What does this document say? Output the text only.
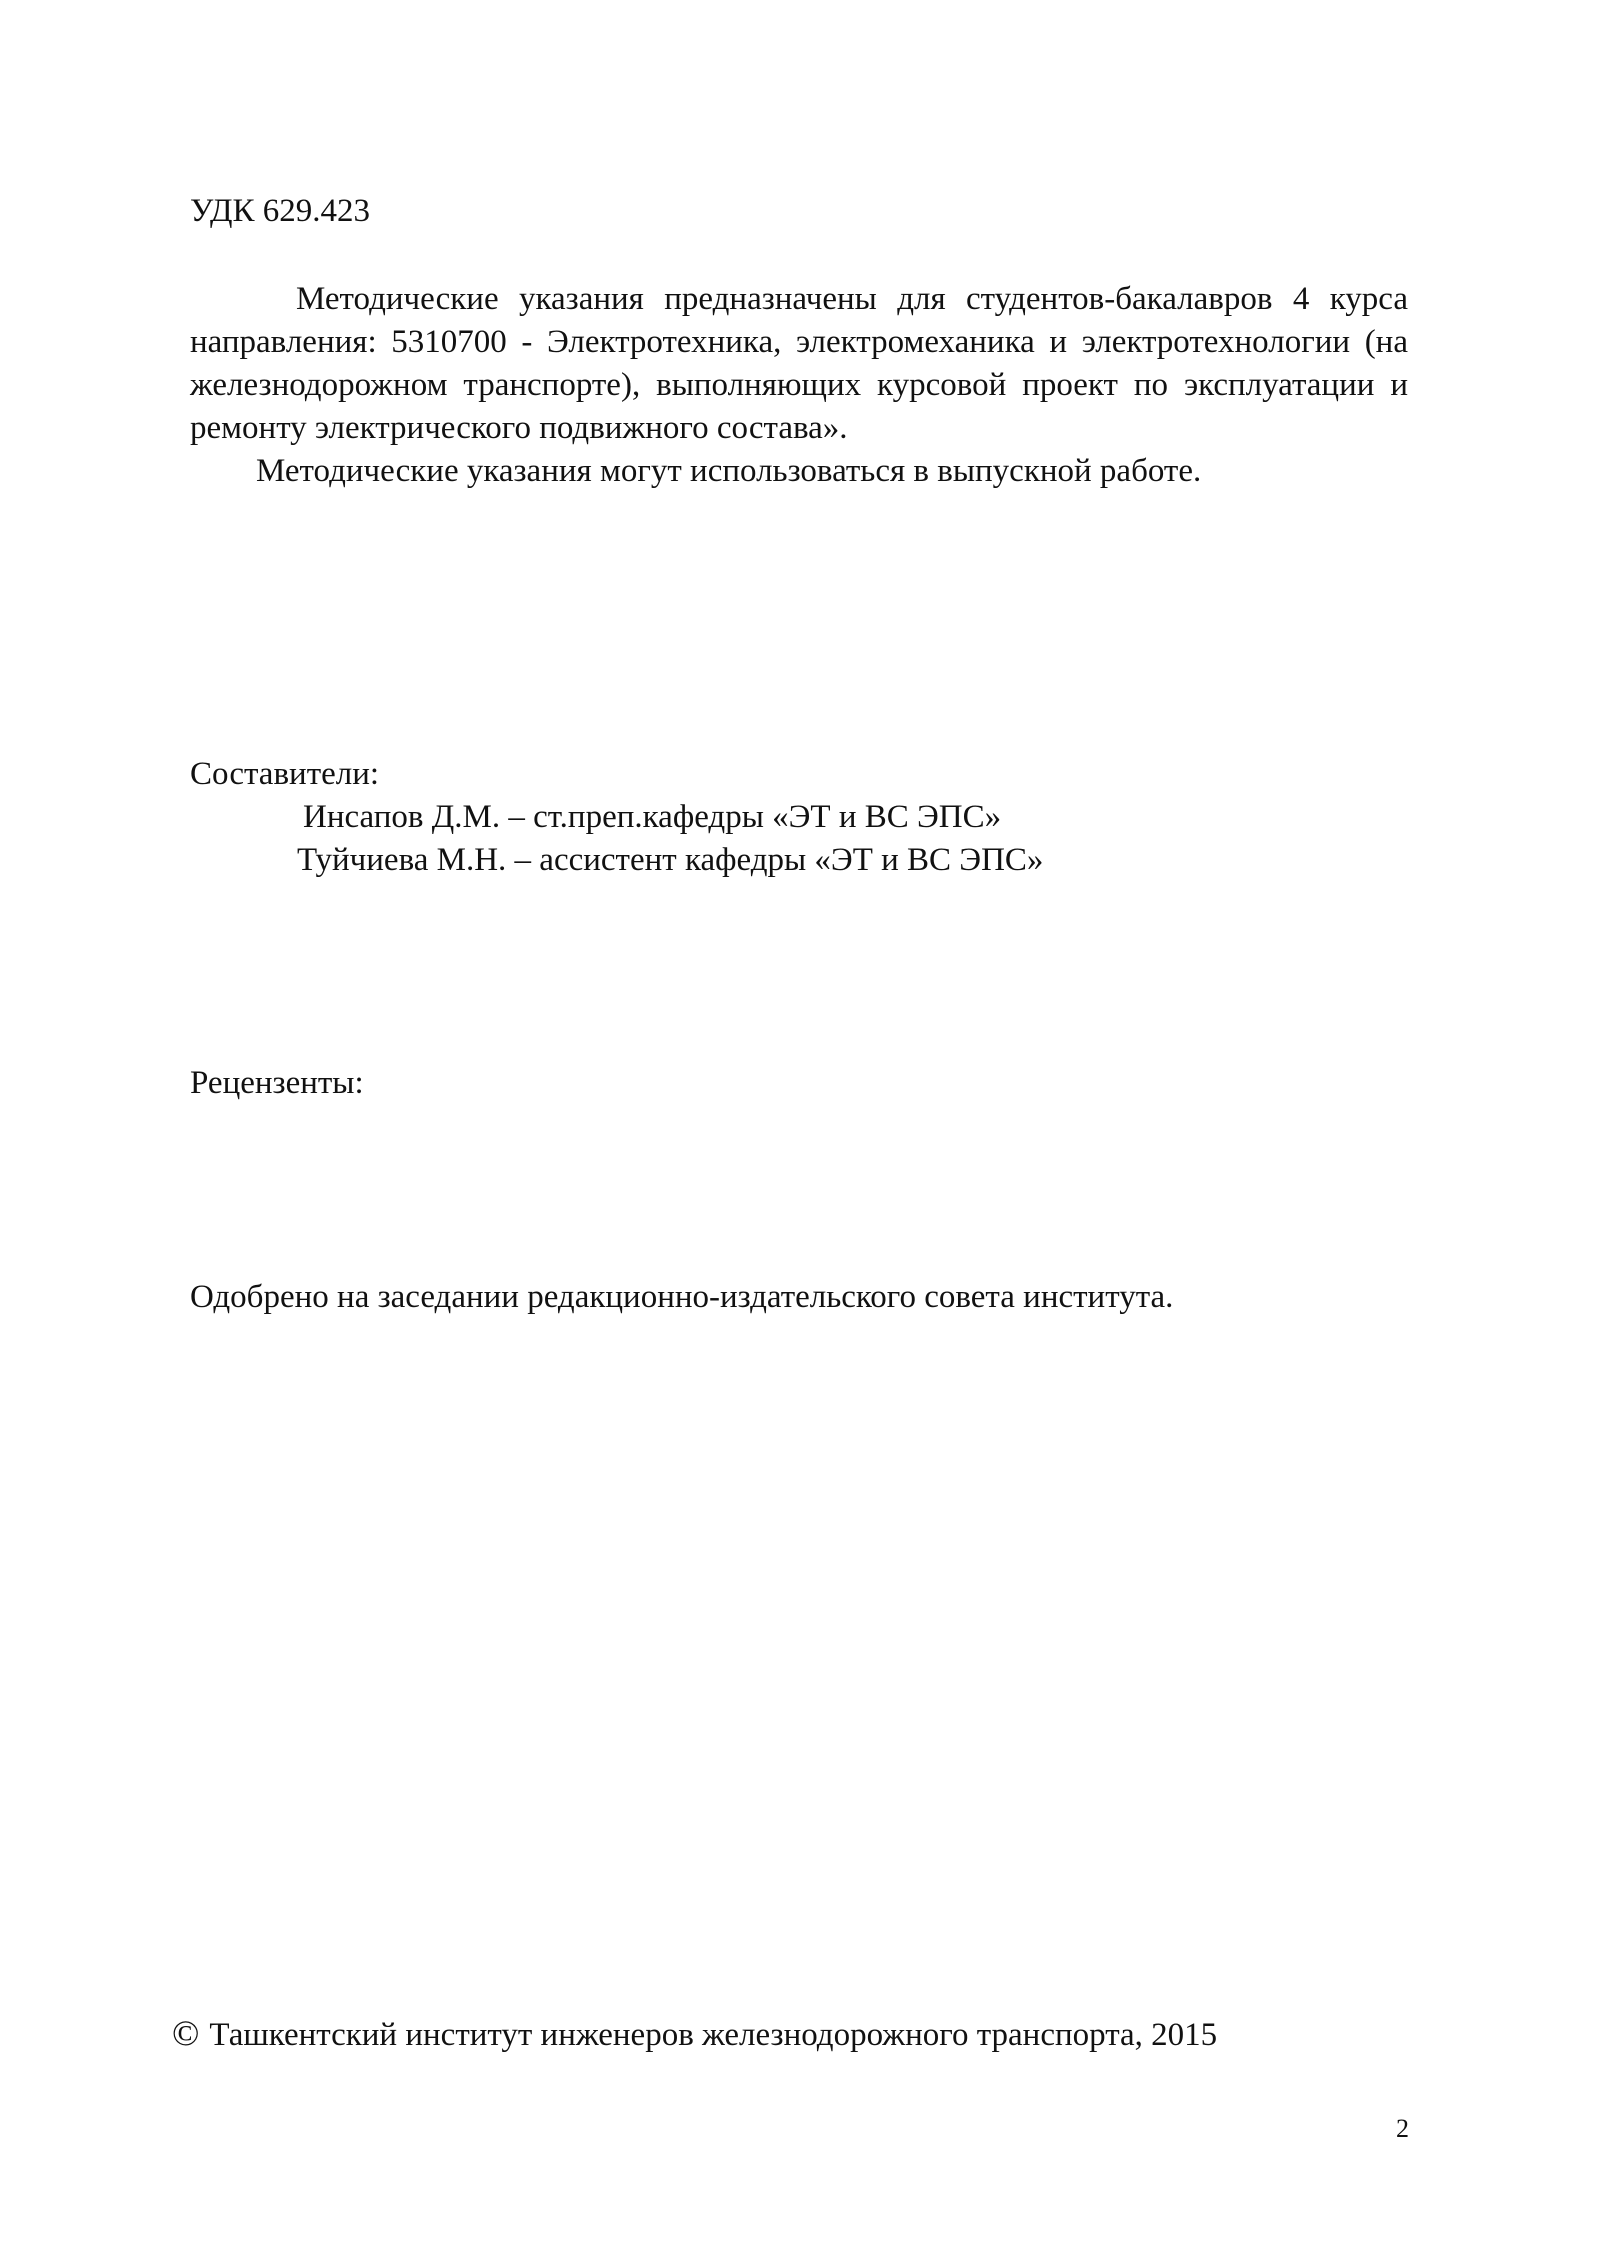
УДК 629.423

Методические указания предназначены для студентов-бакалавров 4 курса направления: 5310700 - Электротехника, электромеханика и электротехнологии (на железнодорожном транспорте), выполняющих курсовой проект по эксплуатации и ремонту электрического подвижного состава».

Методические указания могут использоваться в выпускной работе.

Составители:
Инсапов Д.М. – ст.преп.кафедры «ЭТ и ВС ЭПС»
Туйчиева М.Н. – ассистент кафедры «ЭТ и ВС ЭПС»
Рецензенты:
Одобрено на заседании редакционно-издательского совета института.
© Ташкентский институт инженеров железнодорожного транспорта, 2015
2
